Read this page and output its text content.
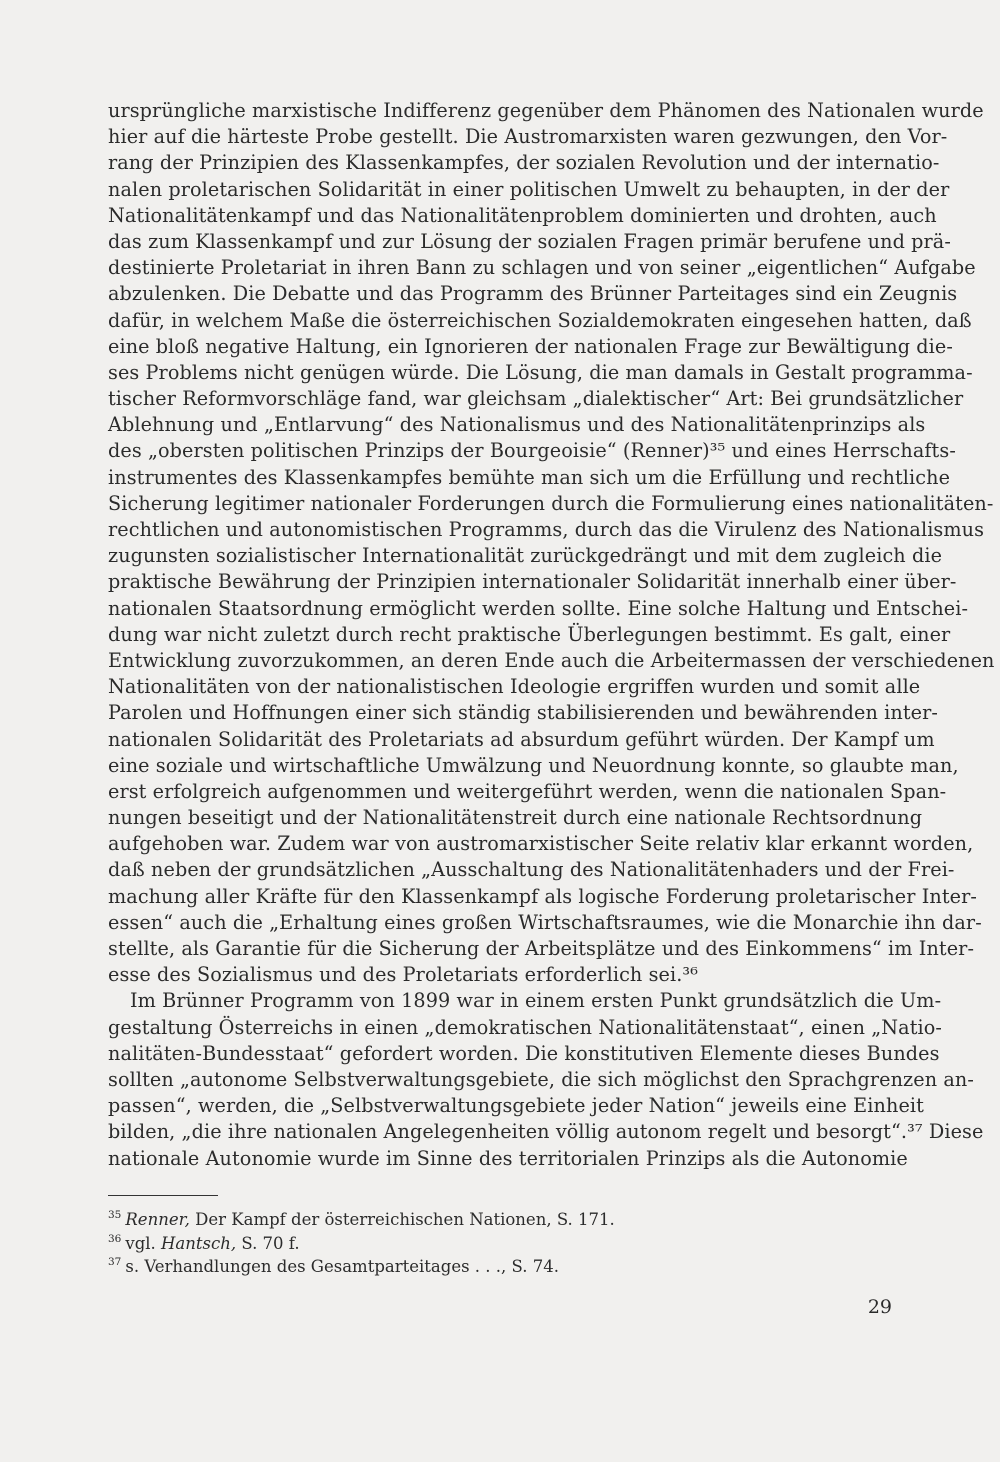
ursprüngliche marxistische Indifferenz gegenüber dem Phänomen des Nationalen wurde
hier auf die härteste Probe gestellt. Die Austromarxisten waren gezwungen, den Vor-
rang der Prinzipien des Klassenkampfes, der sozialen Revolution und der internatio-
nalen proletarischen Solidarität in einer politischen Umwelt zu behaupten, in der der
Nationalitätenkampf und das Nationalitätenproblem dominierten und drohten, auch
das zum Klassenkampf und zur Lösung der sozialen Fragen primär berufene und prä-
destinierte Proletariat in ihren Bann zu schlagen und von seiner „eigentlichen“ Aufgabe
abzulenken. Die Debatte und das Programm des Brünner Parteitages sind ein Zeugnis
dafür, in welchem Maße die österreichischen Sozialdemokraten eingesehen hatten, daß
eine bloß negative Haltung, ein Ignorieren der nationalen Frage zur Bewältigung die-
ses Problems nicht genügen würde. Die Lösung, die man damals in Gestalt programma-
tischer Reformvorschläge fand, war gleichsam „dialektischer“ Art: Bei grundsätzlicher
Ablehnung und „Entlarvung“ des Nationalismus und des Nationalitätenprinzips als
des „obersten politischen Prinzips der Bourgeoisie“ (Renner)³⁵ und eines Herrschafts-
instrumentes des Klassenkampfes bemühte man sich um die Erfüllung und rechtliche
Sicherung legitimer nationaler Forderungen durch die Formulierung eines nationalitäten-
rechtlichen und autonomistischen Programms, durch das die Virulenz des Nationalismus
zugunsten sozialistischer Internationalität zurückgedrängt und mit dem zugleich die
praktische Bewährung der Prinzipien internationaler Solidarität innerhalb einer über-
nationalen Staatsordnung ermöglicht werden sollte. Eine solche Haltung und Entschei-
dung war nicht zuletzt durch recht praktische Überlegungen bestimmt. Es galt, einer
Entwicklung zuvorzukommen, an deren Ende auch die Arbeitermassen der verschiedenen
Nationalitäten von der nationalistischen Ideologie ergriffen wurden und somit alle
Parolen und Hoffnungen einer sich ständig stabilisierenden und bewährenden inter-
nationalen Solidarität des Proletariats ad absurdum geführt würden. Der Kampf um
eine soziale und wirtschaftliche Umwälzung und Neuordnung konnte, so glaubte man,
erst erfolgreich aufgenommen und weitergeführt werden, wenn die nationalen Span-
nungen beseitigt und der Nationalitätenstreit durch eine nationale Rechtsordnung
aufgehoben war. Zudem war von austromarxistischer Seite relativ klar erkannt worden,
daß neben der grundsätzlichen „Ausschaltung des Nationalitätenhaders und der Frei-
machung aller Kräfte für den Klassenkampf als logische Forderung proletarischer Inter-
essen“ auch die „Erhaltung eines großen Wirtschaftsraumes, wie die Monarchie ihn dar-
stellte, als Garantie für die Sicherung der Arbeitsplätze und des Einkommens“ im Inter-
esse des Sozialismus und des Proletariats erforderlich sei.³⁶
Im Brünner Programm von 1899 war in einem ersten Punkt grundsätzlich die Um-
gestaltung Österreichs in einen „demokratischen Nationalitätenstaat“, einen „Natio-
nalitäten-Bundesstaat“ gefordert worden. Die konstitutiven Elemente dieses Bundes
sollten „autonome Selbstverwaltungsgebiete, die sich möglichst den Sprachgrenzen an-
passen“, werden, die „Selbstverwaltungsgebiete jeder Nation“ jeweils eine Einheit
bilden, „die ihre nationalen Angelegenheiten völlig autonom regelt und besorgt“.³⁷ Diese
nationale Autonomie wurde im Sinne des territorialen Prinzips als die Autonomie
$^{35}$ Renner, Der Kampf der österreichischen Nationen, S. 171.
$^{36}$ vgl. Hantsch, S. 70 f.
$^{37}$ s. Verhandlungen des Gesamtparteitages . . ., S. 74.
29
